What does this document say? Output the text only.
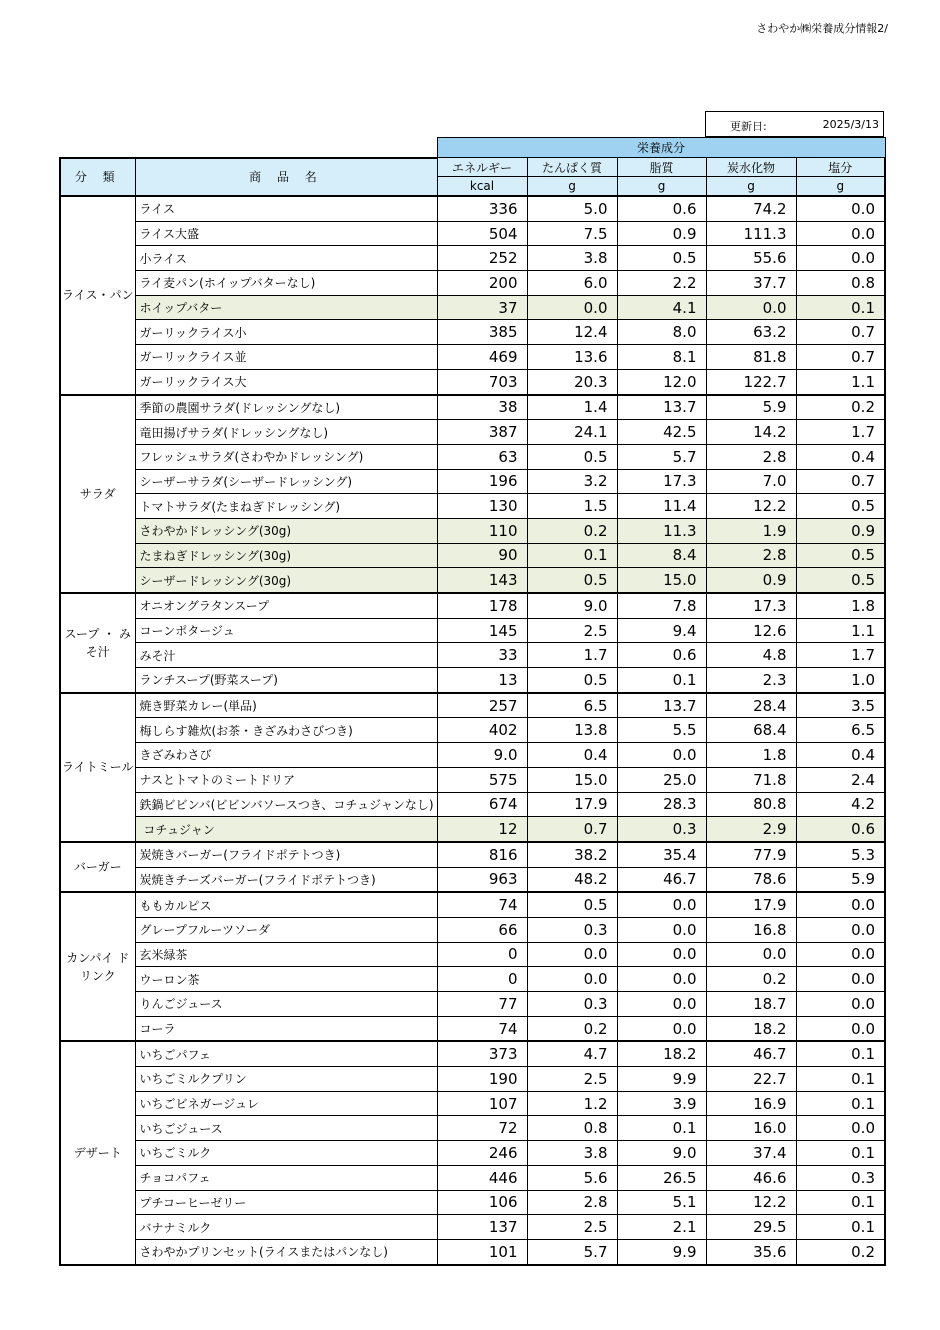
さわやか㈱栄養成分情報2/
更新日:	2025/3/13
		栄養成分				
分 類	商 品 名	エネルギー	たんぱく質	脂質	炭水化物	塩分
		kcal	g	g	g	g
ライス・パン	ライス	336	5.0	0.6	74.2	0.0
	ライス大盛	504	7.5	0.9	111.3	0.0
	小ライス	252	3.8	0.5	55.6	0.0
	ライ麦パン(ホイップバターなし)	200	6.0	2.2	37.7	0.8
	ホイップバター	37	0.0	4.1	0.0	0.1
	ガーリックライス小	385	12.4	8.0	63.2	0.7
	ガーリックライス並	469	13.6	8.1	81.8	0.7
	ガーリックライス大	703	20.3	12.0	122.7	1.1
サラダ	季節の農園サラダ(ドレッシングなし)	38	1.4	13.7	5.9	0.2
	竜田揚げサラダ(ドレッシングなし)	387	24.1	42.5	14.2	1.7
	フレッシュサラダ(さわやかドレッシング)	63	0.5	5.7	2.8	0.4
	シーザーサラダ(シーザードレッシング)	196	3.2	17.3	7.0	0.7
	トマトサラダ(たまねぎドレッシング)	130	1.5	11.4	12.2	0.5
	さわやかドレッシング(30g)	110	0.2	11.3	1.9	0.9
	たまねぎドレッシング(30g)	90	0.1	8.4	2.8	0.5
	シーザードレッシング(30g)	143	0.5	15.0	0.9	0.5
スープ ・ みそ汁	オニオングラタンスープ	178	9.0	7.8	17.3	1.8
	コーンポタージュ	145	2.5	9.4	12.6	1.1
	みそ汁	33	1.7	0.6	4.8	1.7
	ランチスープ(野菜スープ)	13	0.5	0.1	2.3	1.0
ライトミール	焼き野菜カレー(単品)	257	6.5	13.7	28.4	3.5
	梅しらす雑炊(お茶・きざみわさびつき)	402	13.8	5.5	68.4	6.5
	きざみわさび	9.0	0.4	0.0	1.8	0.4
	ナスとトマトのミートドリア	575	15.0	25.0	71.8	2.4
	鉄鍋ビビンバ(ビビンバソースつき、コチュジャンなし)	674	17.9	28.3	80.8	4.2
	コチュジャン	12	0.7	0.3	2.9	0.6
バーガー	炭焼きバーガー(フライドポテトつき)	816	38.2	35.4	77.9	5.3
	炭焼きチーズバーガー(フライドポテトつき)	963	48.2	46.7	78.6	5.9
カンパイ ドリンク	ももカルピス	74	0.5	0.0	17.9	0.0
	グレープフルーツソーダ	66	0.3	0.0	16.8	0.0
	玄米緑茶	0	0.0	0.0	0.0	0.0
	ウーロン茶	0	0.0	0.0	0.2	0.0
	りんごジュース	77	0.3	0.0	18.7	0.0
	コーラ	74	0.2	0.0	18.2	0.0
デザート	いちごパフェ	373	4.7	18.2	46.7	0.1
	いちごミルクプリン	190	2.5	9.9	22.7	0.1
	いちごビネガージュレ	107	1.2	3.9	16.9	0.1
	いちごジュース	72	0.8	0.1	16.0	0.0
	いちごミルク	246	3.8	9.0	37.4	0.1
	チョコパフェ	446	5.6	26.5	46.6	0.3
	プチコーヒーゼリー	106	2.8	5.1	12.2	0.1
	バナナミルク	137	2.5	2.1	29.5	0.1
	さわやかプリンセット(ライスまたはパンなし)	101	5.7	9.9	35.6	0.2
